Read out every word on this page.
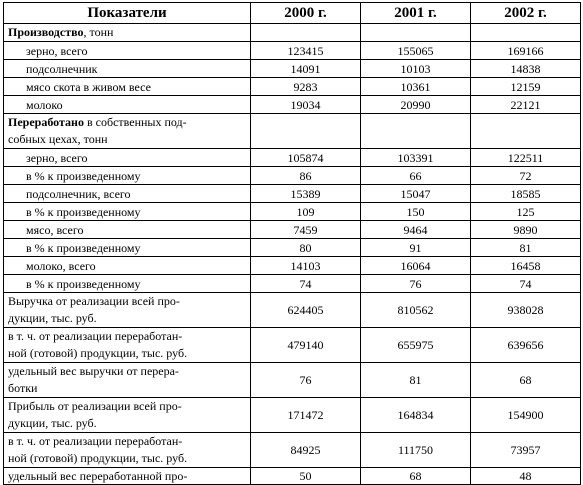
Показатели	2000 г.	2001 г.	2002 г.
Производство, тонн			
зерно, всего	123415	155065	169166
подсолнечник	14091	10103	14838
мясо скота в живом весе	9283	10361	12159
молоко	19034	20990	22121
Переработано в собственных под-
собных цехах, тонн			
зерно, всего	105874	103391	122511
в % к произведенному	86	66	72
подсолнечник, всего	15389	15047	18585
в % к произведенному	109	150	125
мясо, всего	7459	9464	9890
в % к произведенному	80	91	81
молоко, всего	14103	16064	16458
в % к произведенному	74	76	74
Выручка от реализации всей про-
дукции, тыс. руб.	624405	810562	938028
в т. ч. от реализации переработан-
ной (готовой) продукции, тыс. руб.	479140	655975	639656
удельный вес выручки от перера-
ботки	76	81	68
Прибыль от реализации всей про-
дукции, тыс. руб.	171472	164834	154900
в т. ч. от реализации переработан-
ной (готовой) продукции, тыс. руб.	84925	111750	73957
удельный вес переработанной про-	50	68	48
